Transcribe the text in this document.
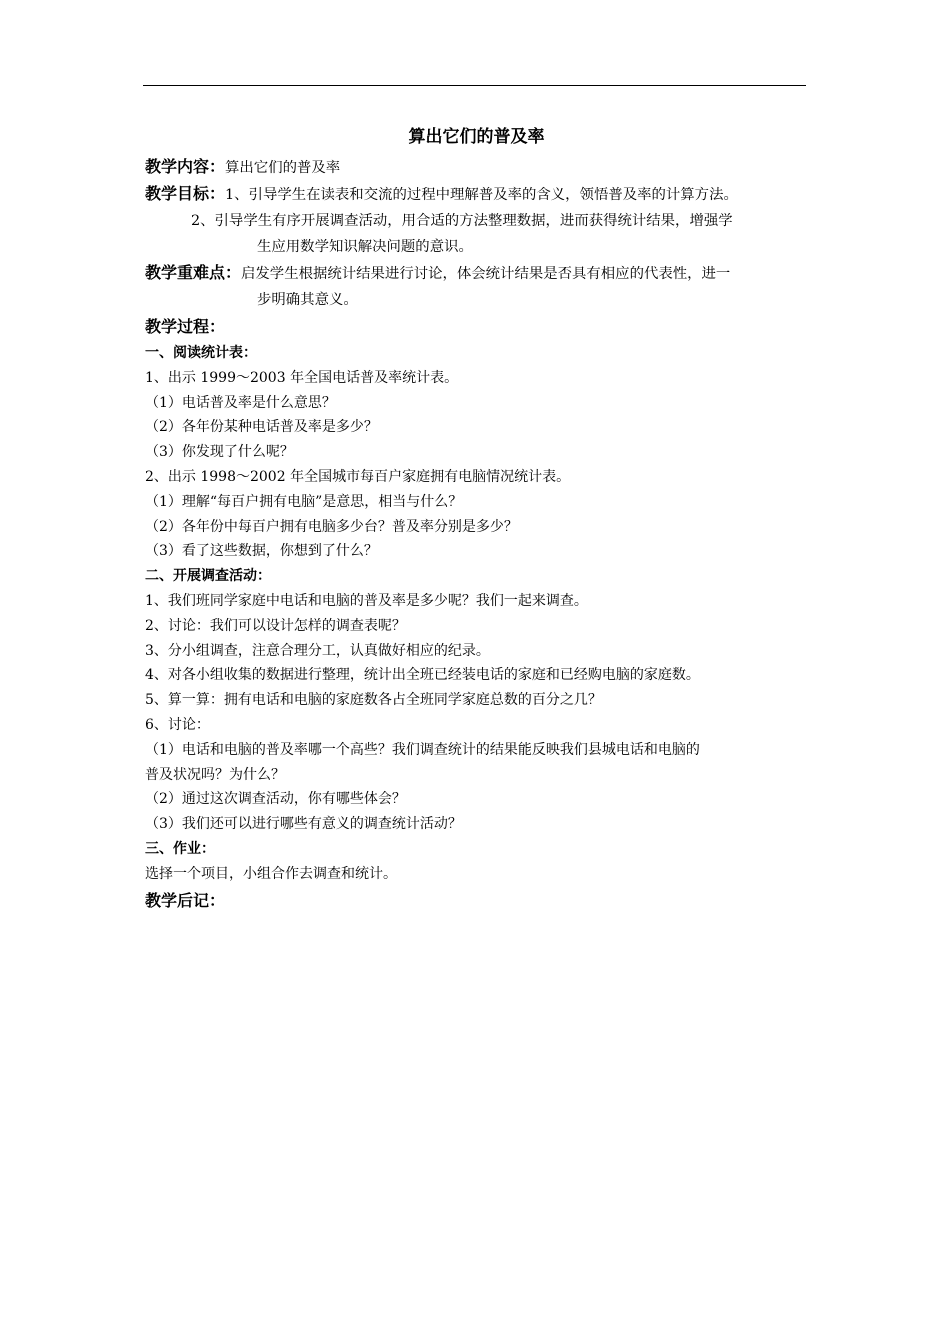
算出它们的普及率
教学内容：算出它们的普及率
教学目标：1、引导学生在读表和交流的过程中理解普及率的含义，领悟普及率的计算方法。
2、引导学生有序开展调查活动，用合适的方法整理数据，进而获得统计结果，增强学
生应用数学知识解决问题的意识。
教学重难点：启发学生根据统计结果进行讨论，体会统计结果是否具有相应的代表性，进一
步明确其意义。
教学过程：
一、阅读统计表：
1、出示 1999～2003 年全国电话普及率统计表。
（1）电话普及率是什么意思？
（2）各年份某种电话普及率是多少？
（3）你发现了什么呢？
2、出示 1998～2002 年全国城市每百户家庭拥有电脑情况统计表。
（1）理解“每百户拥有电脑”是意思，相当与什么？
（2）各年份中每百户拥有电脑多少台？普及率分别是多少？
（3）看了这些数据，你想到了什么？
二、开展调查活动：
1、我们班同学家庭中电话和电脑的普及率是多少呢？我们一起来调查。
2、讨论：我们可以设计怎样的调查表呢？
3、分小组调查，注意合理分工，认真做好相应的纪录。
4、对各小组收集的数据进行整理，统计出全班已经装电话的家庭和已经购电脑的家庭数。
5、算一算：拥有电话和电脑的家庭数各占全班同学家庭总数的百分之几？
6、讨论：
（1）电话和电脑的普及率哪一个高些？我们调查统计的结果能反映我们县城电话和电脑的
普及状况吗？为什么？
（2）通过这次调查活动，你有哪些体会？
（3）我们还可以进行哪些有意义的调查统计活动？
三、作业：
选择一个项目，小组合作去调查和统计。
教学后记：
